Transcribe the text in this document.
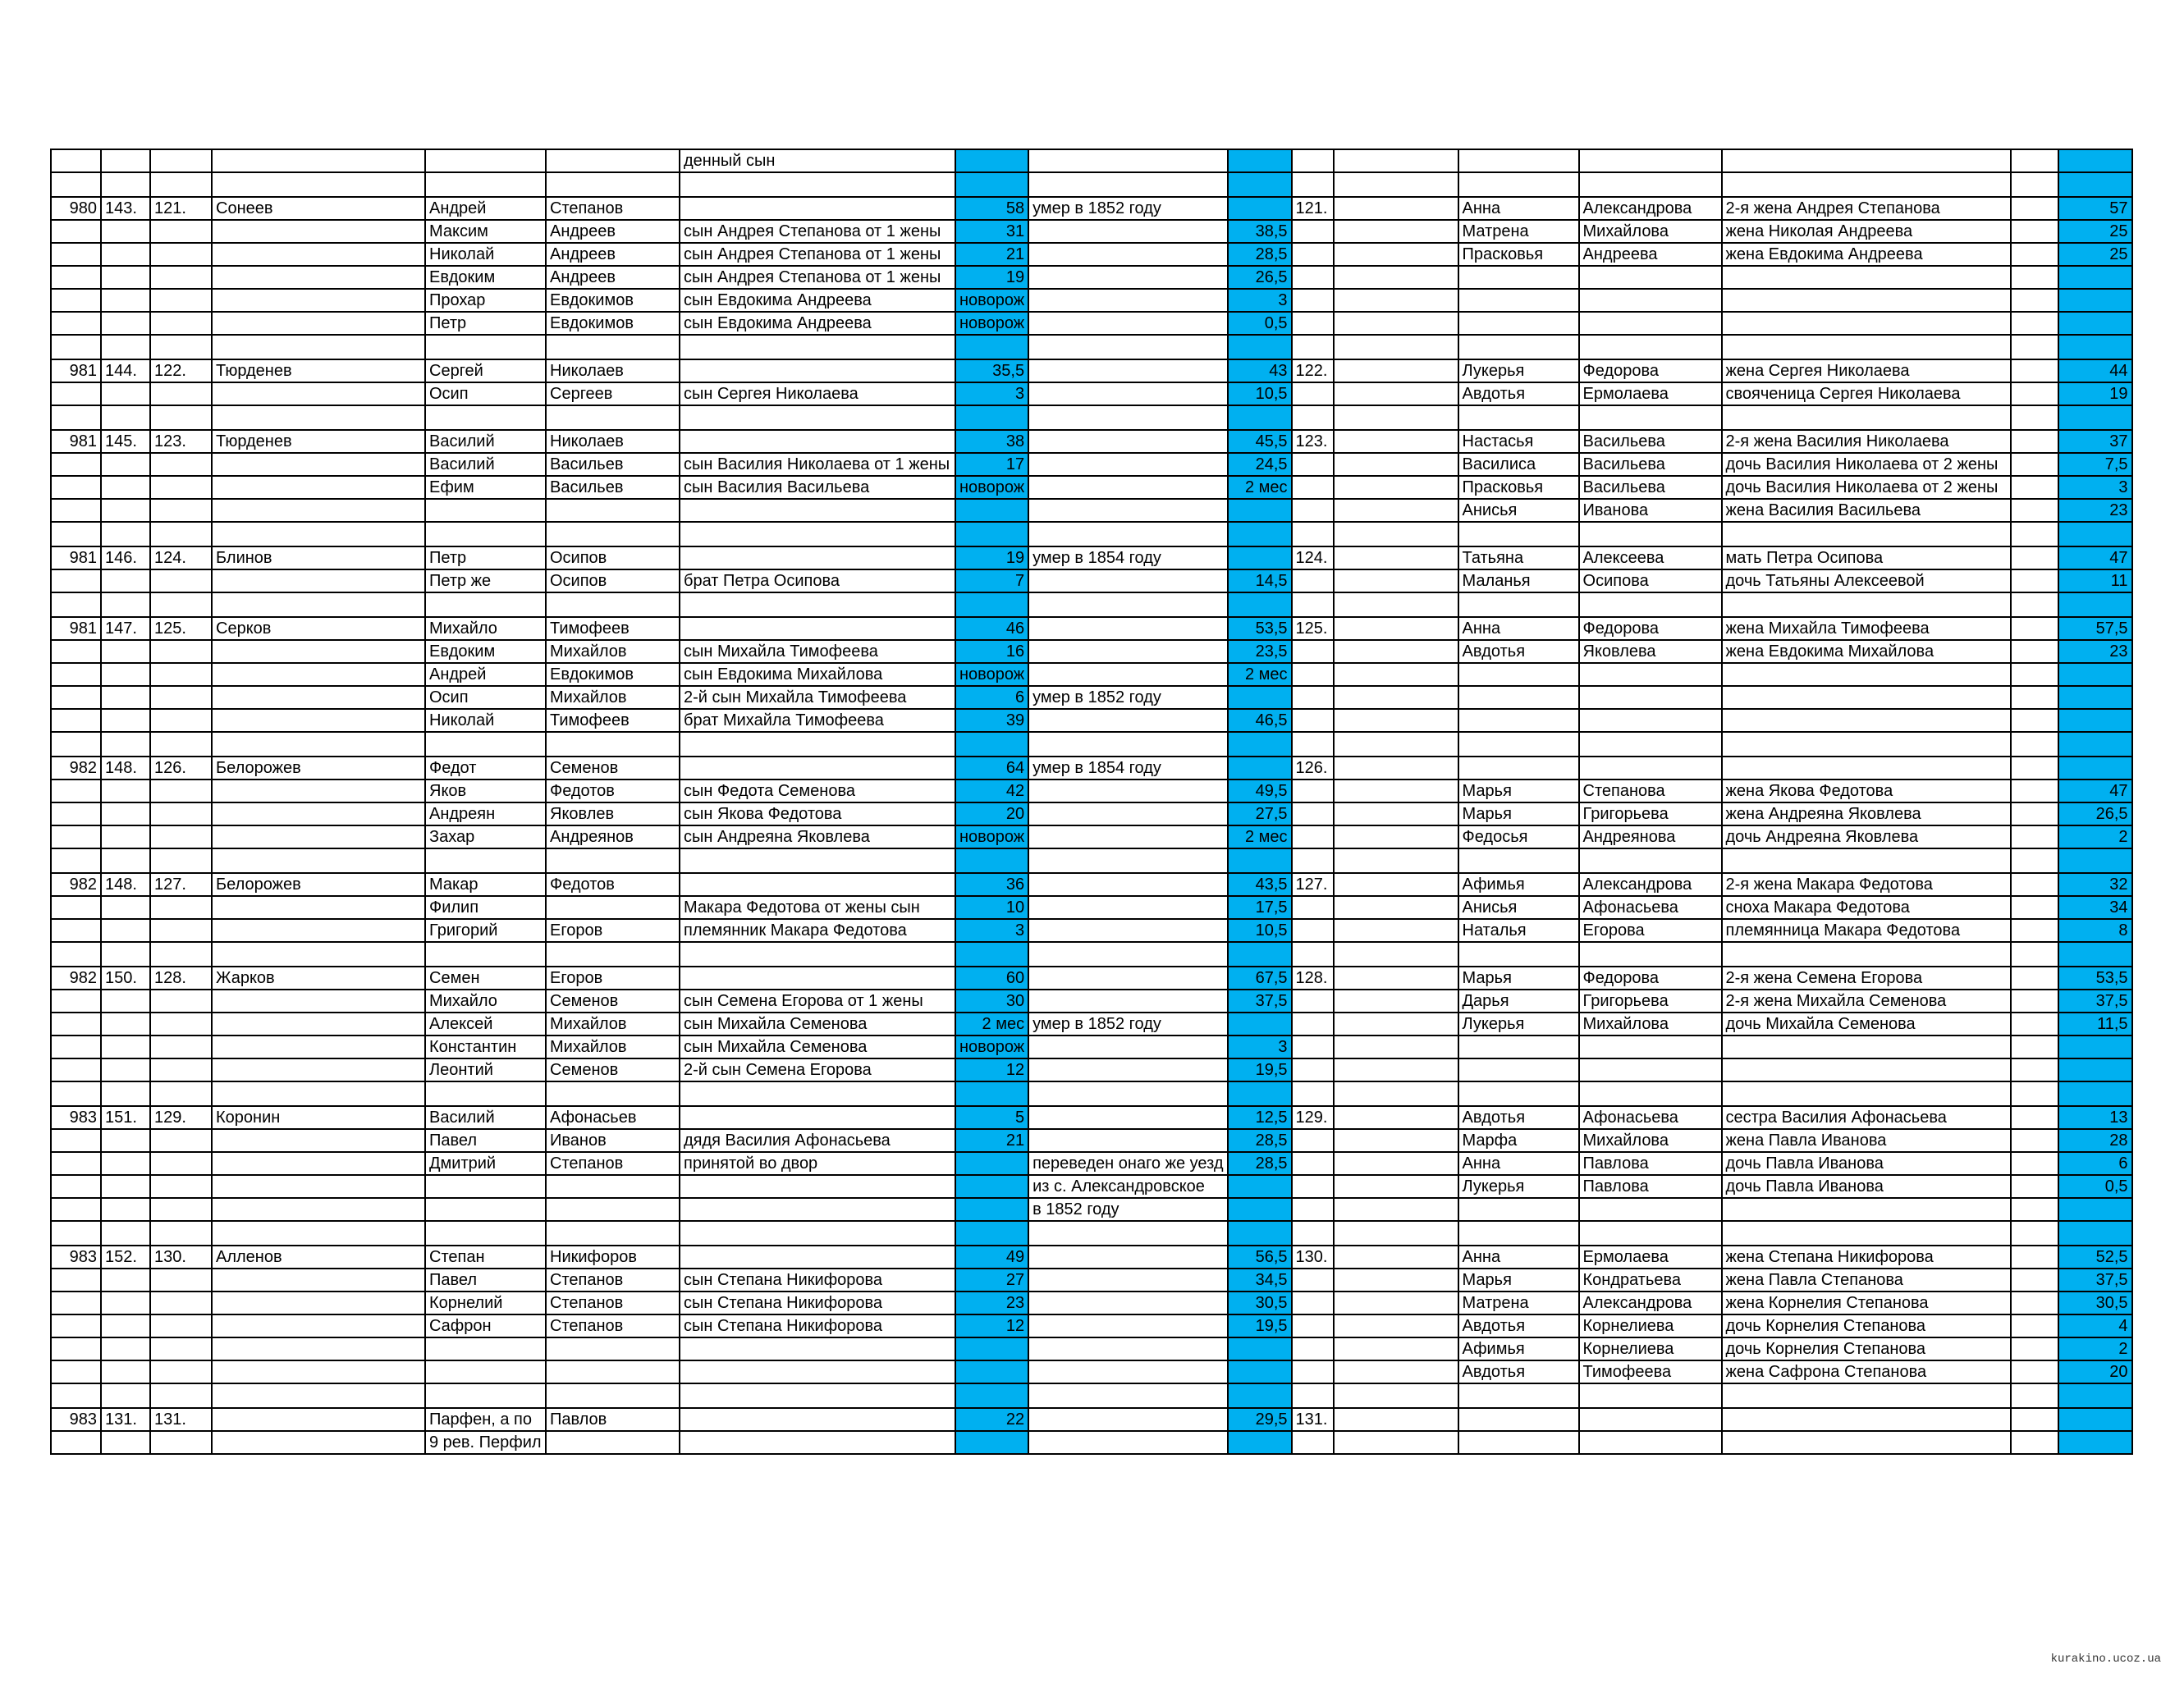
						денный сын										

980	143.	121.	Сонеев	Андрей	Степанов		58	умер в 1852 году		121.		Анна	Александрова	2-я жена Андрея Степанова		57
				Максим	Андреев	сын Андрея Степанова от 1 жены	31		38,5			Матрена	Михайлова	жена Николая Андреева		25
				Николай	Андреев	сын Андрея Степанова от 1 жены	21		28,5			Прасковья	Андреева	жена Евдокима Андреева		25
				Евдоким	Андреев	сын Андрея Степанова от 1 жены	19		26,5							
				Прохар	Евдокимов	сын Евдокима Андреева	новорож		3							
				Петр	Евдокимов	сын Евдокима Андреева	новорож		0,5							

981	144.	122.	Тюрденев	Сергей	Николаев		35,5		43	122.		Лукерья	Федорова	жена Сергея Николаева		44
				Осип	Сергеев	сын Сергея Николаева	3		10,5			Авдотья	Ермолаева	свояченица Сергея Николаева		19

981	145.	123.	Тюрденев	Василий	Николаев		38		45,5	123.		Настасья	Васильева	2-я жена Василия Николаева		37
				Василий	Васильев	сын Василия Николаева от 1 жены	17		24,5			Василиса	Васильева	дочь Василия Николаева от 2 жены		7,5
				Ефим	Васильев	сын Василия Васильева	новорож		2 мес			Прасковья	Васильева	дочь Василия Николаева от 2 жены		3
												Анисья	Иванова	жена Василия Васильева		23

981	146.	124.	Блинов	Петр	Осипов		19	умер в 1854 году		124.		Татьяна	Алексеева	мать Петра Осипова		47
				Петр же	Осипов	брат Петра Осипова	7		14,5			Маланья	Осипова	дочь Татьяны Алексеевой		11

981	147.	125.	Серков	Михайло	Тимофеев		46		53,5	125.		Анна	Федорова	жена Михайла Тимофеева		57,5
				Евдоким	Михайлов	сын Михайла Тимофеева	16		23,5			Авдотья	Яковлева	жена Евдокима Михайлова		23
				Андрей	Евдокимов	сын Евдокима Михайлова	новорож		2 мес							
				Осип	Михайлов	2-й сын Михайла Тимофеева	6	умер в 1852 году								
				Николай	Тимофеев	брат Михайла Тимофеева	39		46,5							

982	148.	126.	Белорожев	Федот	Семенов		64	умер в 1854 году		126.						
				Яков	Федотов	сын Федота Семенова	42		49,5			Марья	Степанова	жена Якова Федотова		47
				Андреян	Яковлев	сын Якова Федотова	20		27,5			Марья	Григорьева	жена Андреяна Яковлева		26,5
				Захар	Андреянов	сын Андреяна Яковлева	новорож		2 мес			Федосья	Андреянова	дочь Андреяна Яковлева		2

982	148.	127.	Белорожев	Макар	Федотов		36		43,5	127.		Афимья	Александрова	2-я жена Макара Федотова		32
				Филип		Макара Федотова от жены сын	10		17,5			Анисья	Афонасьева	сноха Макара Федотова		34
				Григорий	Егоров	племянник Макара Федотова	3		10,5			Наталья	Егорова	племянница Макара Федотова		8

982	150.	128.	Жарков	Семен	Егоров		60		67,5	128.		Марья	Федорова	2-я жена Семена Егорова		53,5
				Михайло	Семенов	сын Семена Егорова от 1 жены	30		37,5			Дарья	Григорьева	2-я жена Михайла Семенова		37,5
				Алексей	Михайлов	сын Михайла Семенова	2 мес	умер в 1852 году				Лукерья	Михайлова	дочь Михайла Семенова		11,5
				Константин	Михайлов	сын Михайла Семенова	новорож		3							
				Леонтий	Семенов	2-й сын Семена Егорова	12		19,5							

983	151.	129.	Коронин	Василий	Афонасьев		5		12,5	129.		Авдотья	Афонасьева	сестра Василия Афонасьева		13
				Павел	Иванов	дядя Василия Афонасьева	21		28,5			Марфа	Михайлова	жена Павла Иванова		28
				Дмитрий	Степанов	принятой во двор		переведен онаго же уезд	28,5			Анна	Павлова	дочь Павла Иванова		6
								из с. Александровское				Лукерья	Павлова	дочь Павла Иванова		0,5
								в 1852 году								

983	152.	130.	Алленов	Степан	Никифоров		49		56,5	130.		Анна	Ермолаева	жена Степана Никифорова		52,5
				Павел	Степанов	сын Степана Никифорова	27		34,5			Марья	Кондратьева	жена Павла Степанова		37,5
				Корнелий	Степанов	сын Степана Никифорова	23		30,5			Матрена	Александрова	жена Корнелия Степанова		30,5
				Сафрон	Степанов	сын Степана Никифорова	12		19,5			Авдотья	Корнелиева	дочь Корнелия Степанова		4
												Афимья	Корнелиева	дочь Корнелия Степанова		2
												Авдотья	Тимофеева	жена Сафрона Степанова		20

983	131.	131.		Парфен, а по	Павлов		22		29,5	131.						
				9 рев. Перфил												
kurakino.ucoz.ua
